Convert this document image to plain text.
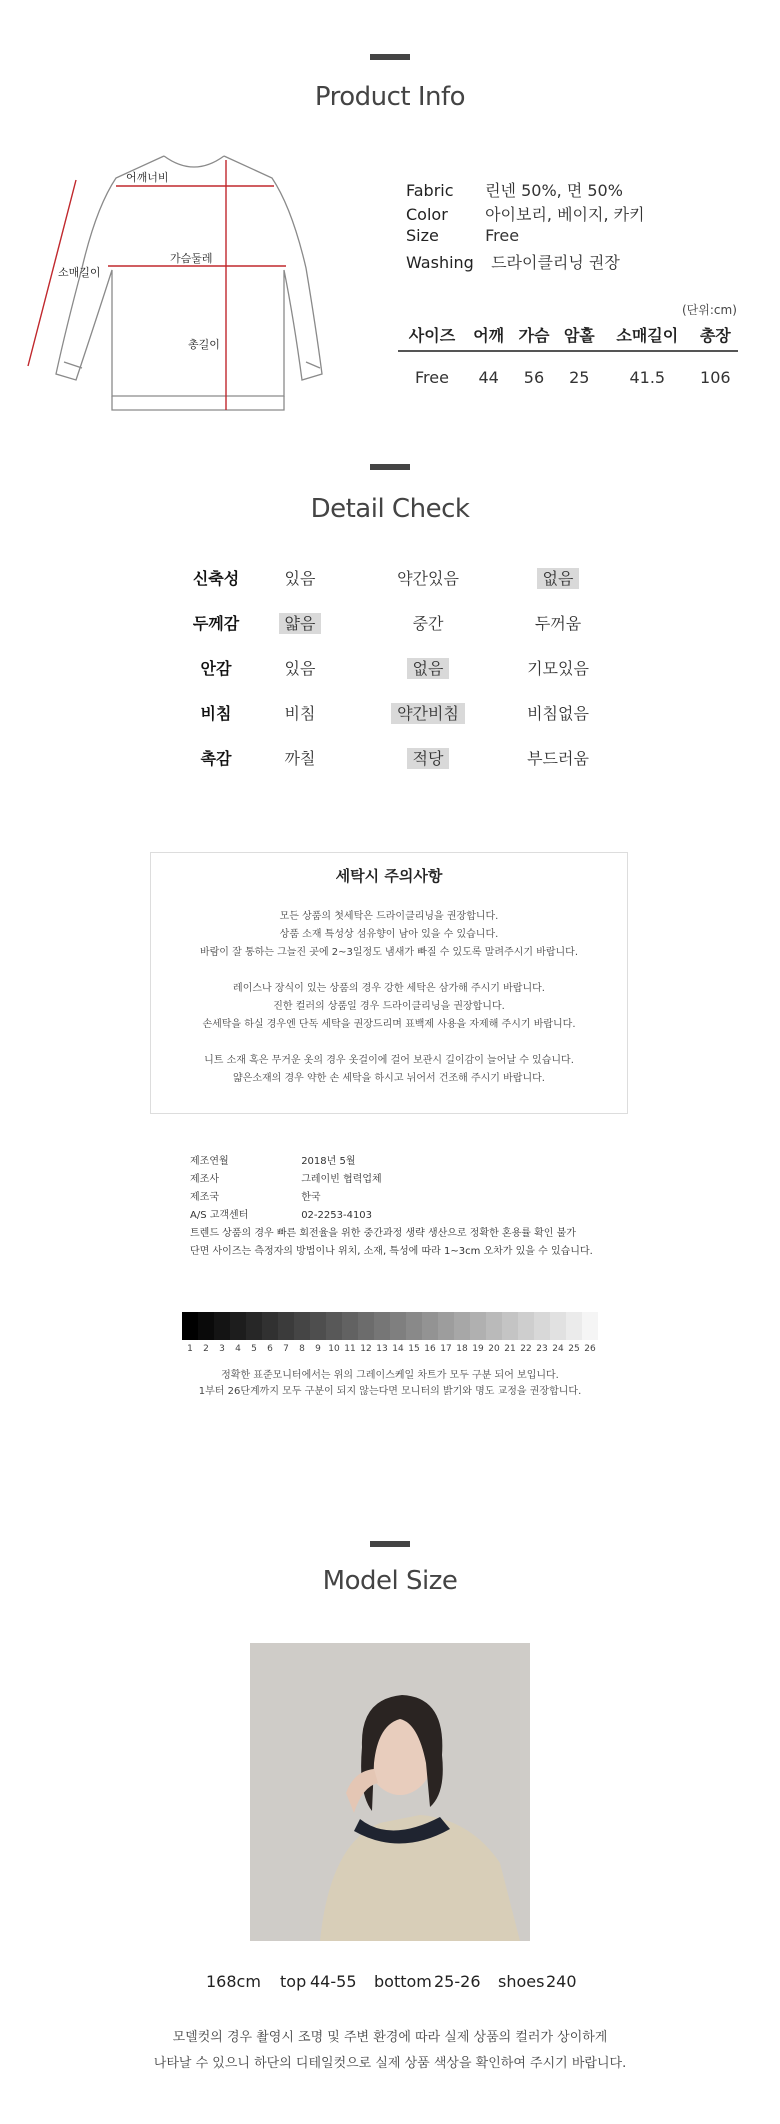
Product Info
어깨너비
가슴둘레
소매길이
총길이
Fabric 린넨 50%, 면 50%
Color 아이보리, 베이지, 카키
Size	Free
Washing 드라이클리닝 권장
(단위:cm)
사이즈	어깨	가슴	암홀	소매길이	총장
Free	44	56	25	41.5	106
Detail Check
신축성	있음	약간있음	없음
두께감	얇음	중간	두꺼움
안감	있음	없음	기모있음
비침	비침	약간비침	비침없음
촉감	까칠	적당	부드러움
세탁시 주의사항
모든 상품의 첫세탁은 드라이클리닝을 권장합니다.
상품 소재 특성상 섬유향이 남아 있을 수 있습니다.
바람이 잘 통하는 그늘진 곳에 2~3일정도 냄새가 빠질 수 있도록 말려주시기 바랍니다.
레이스나 장식이 있는 상품의 경우 강한 세탁은 삼가해 주시기 바랍니다.
진한 컬러의 상품일 경우 드라이클리닝을 권장합니다.
손세탁을 하실 경우엔 단독 세탁을 권장드리며 표백제 사용을 자제해 주시기 바랍니다.
니트 소재 혹은 무거운 옷의 경우 옷걸이에 걸어 보관시 길이감이 늘어날 수 있습니다.
얇은소재의 경우 약한 손 세탁을 하시고 뉘어서 건조해 주시기 바랍니다.
제조연월	2018년 5월
제조사	그레이빈 협력업체
제조국	한국
A/S 고객센터	02-2253-4103
트렌드 상품의 경우 빠른 회전율을 위한 중간과정 생략 생산으로 정확한 혼용률 확인 불가
단면 사이즈는 측정자의 방법이나 위치, 소재, 특성에 따라 1~3cm 오차가 있을 수 있습니다.
1	2	3	4	5	6	7	8	9 10 11 12 13 14 15 16 17 18 19 20 21 22 23 24 25 26
정확한 표준모니터에서는 위의 그레이스케일 차트가 모두 구분 되어 보입니다.
1부터 26단계까지 모두 구분이 되지 않는다면 모니터의 밝기와 명도 교정을 권장합니다.
Model Size
168cm top 44-55 bottom 25-26 shoes 240
모델컷의 경우 촬영시 조명 및 주변 환경에 따라 실제 상품의 컬러가 상이하게
나타날 수 있으니 하단의 디테일컷으로 실제 상품 색상을 확인하여 주시기 바랍니다.
